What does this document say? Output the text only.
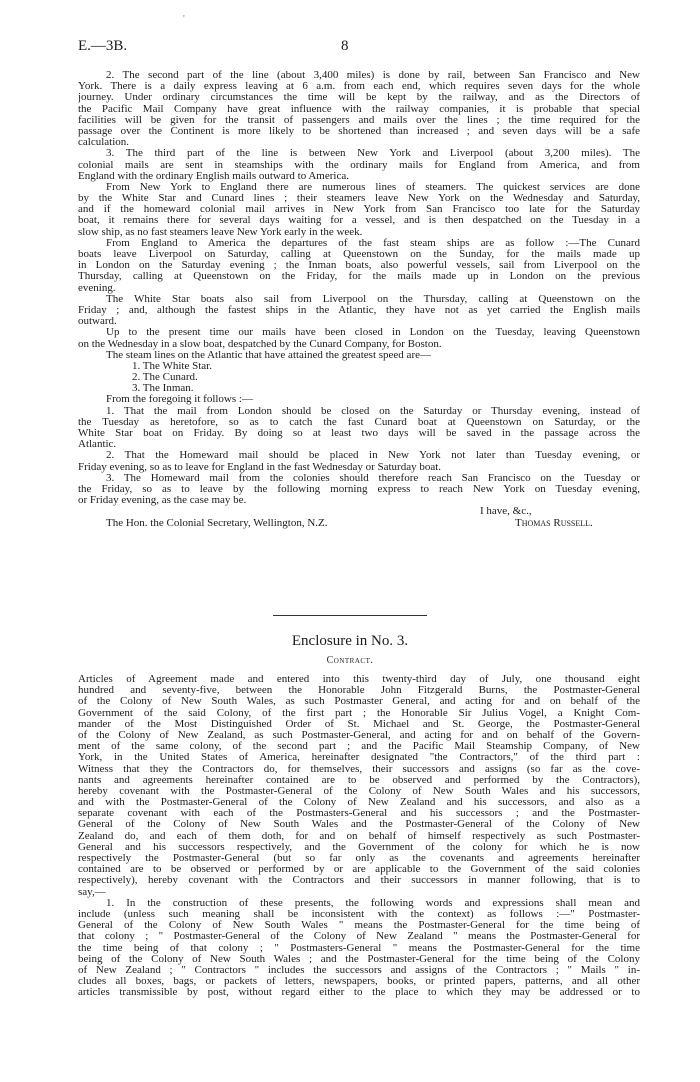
'
E.—3B.	8
2. The second part of the line (about 3,400 miles) is done by rail, between San Francisco and New
York. There is a daily express leaving at 6 a.m. from each end, which requires seven days for the whole
journey. Under ordinary circumstances the time will be kept by the railway, and as the Directors of
the Pacific Mail Company have great influence with the railway companies, it is probable that special
facilities will be given for the transit of passengers and mails over the lines ; the time required for the
passage over the Continent is more likely to be shortened than increased ; and seven days will be a safe
calculation.
3. The third part of the line is between New York and Liverpool (about 3,200 miles). The
colonial mails are sent in steamships with the ordinary mails for England from America, and from
England with the ordinary English mails outward to America.
From New York to England there are numerous lines of steamers. The quickest services are done
by the White Star and Cunard lines ; their steamers leave New York on the Wednesday and Saturday,
and if the homeward colonial mail arrives in New York from San Francisco too late for the Saturday
boat, it remains there for several days waiting for a vessel, and is then despatched on the Tuesday in a
slow ship, as no fast steamers leave New York early in the week.
From England to America the departures of the fast steam ships are as follow :—The Cunard
boats leave Liverpool on Saturday, calling at Queenstown on the Sunday, for the mails made up
in London on the Saturday evening ; the Inman boats, also powerful vessels, sail from Liverpool on the
Thursday, calling at Queenstown on the Friday, for the mails made up in London on the previous
evening.
The White Star boats also sail from Liverpool on the Thursday, calling at Queenstown on the
Friday ; and, although the fastest ships in the Atlantic, they have not as yet carried the English mails
outward.
Up to the present time our mails have been closed in London on the Tuesday, leaving Queenstown
on the Wednesday in a slow boat, despatched by the Cunard Company, for Boston.
The steam lines on the Atlantic that have attained the greatest speed are—
1. The White Star.
2. The Cunard.
3. The Inman.
From the foregoing it follows :—
1. That the mail from London should be closed on the Saturday or Thursday evening, instead of
the Tuesday as heretofore, so as to catch the fast Cunard boat at Queenstown on Saturday, or the
White Star boat on Friday. By doing so at least two days will be saved in the passage across the
Atlantic.
2. That the Homeward mail should be placed in New York not later than Tuesday evening, or
Friday evening, so as to leave for England in the fast Wednesday or Saturday boat.
3. The Homeward mail from the colonies should therefore reach San Francisco on the Tuesday or
the Friday, so as to leave by the following morning express to reach New York on Tuesday evening,
or Friday evening, as the case may be.
I have, &c.,
The Hon. the Colonial Secretary, Wellington, N.Z.	Thomas Russell.
Enclosure in No. 3.
Contract.
Articles of Agreement made and entered into this twenty-third day of July, one thousand eight
hundred and seventy-five, between the Honorable John Fitzgerald Burns, the Postmaster-General
of the Colony of New South Wales, as such Postmaster General, and acting for and on behalf of the
Government of the said Colony, of the first part ; the Honorable Sir Julius Vogel, a Knight Com-
mander of the Most Distinguished Order of St. Michael and St. George, the Postmaster-General
of the Colony of New Zealand, as such Postmaster-General, and acting for and on behalf of the Govern-
ment of the same colony, of the second part ; and the Pacific Mail Steamship Company, of New
York, in the United States of America, hereinafter designated "the Contractors," of the third part :
Witness that they the Contractors do, for themselves, their successors and assigns (so far as the cove-
nants and agreements hereinafter contained are to be observed and performed by the Contractors),
hereby covenant with the Postmaster-General of the Colony of New South Wales and his successors,
and with the Postmaster-General of the Colony of New Zealand and his successors, and also as a
separate covenant with each of the Postmasters-General and his successors ; and the Postmaster-
General of the Colony of New South Wales and the Postmaster-General of the Colony of New
Zealand do, and each of them doth, for and on behalf of himself respectively as such Postmaster-
General and his successors respectively, and the Government of the colony for which he is now
respectively the Postmaster-General (but so far only as the covenants and agreements hereinafter
contained are to be observed or performed by or are applicable to the Government of the said colonies
respectively), hereby covenant with the Contractors and their successors in manner following, that is to
say,—
1. In the construction of these presents, the following words and expressions shall mean and
include (unless such meaning shall be inconsistent with the context) as follows :—" Postmaster-
General of the Colony of New South Wales " means the Postmaster-General for the time being of
that colony ; " Postmaster-General of the Colony of New Zealand " means the Postmaster-General for
the time being of that colony ; " Postmasters-General " means the Postmaster-General for the time
being of the Colony of New South Wales ; and the Postmaster-General for the time being of the Colony
of New Zealand ; " Contractors " includes the successors and assigns of the Contractors ; " Mails " in-
cludes all boxes, bags, or packets of letters, newspapers, books, or printed papers, patterns, and all other
articles transmissible by post, without regard either to the place to which they may be addressed or to
